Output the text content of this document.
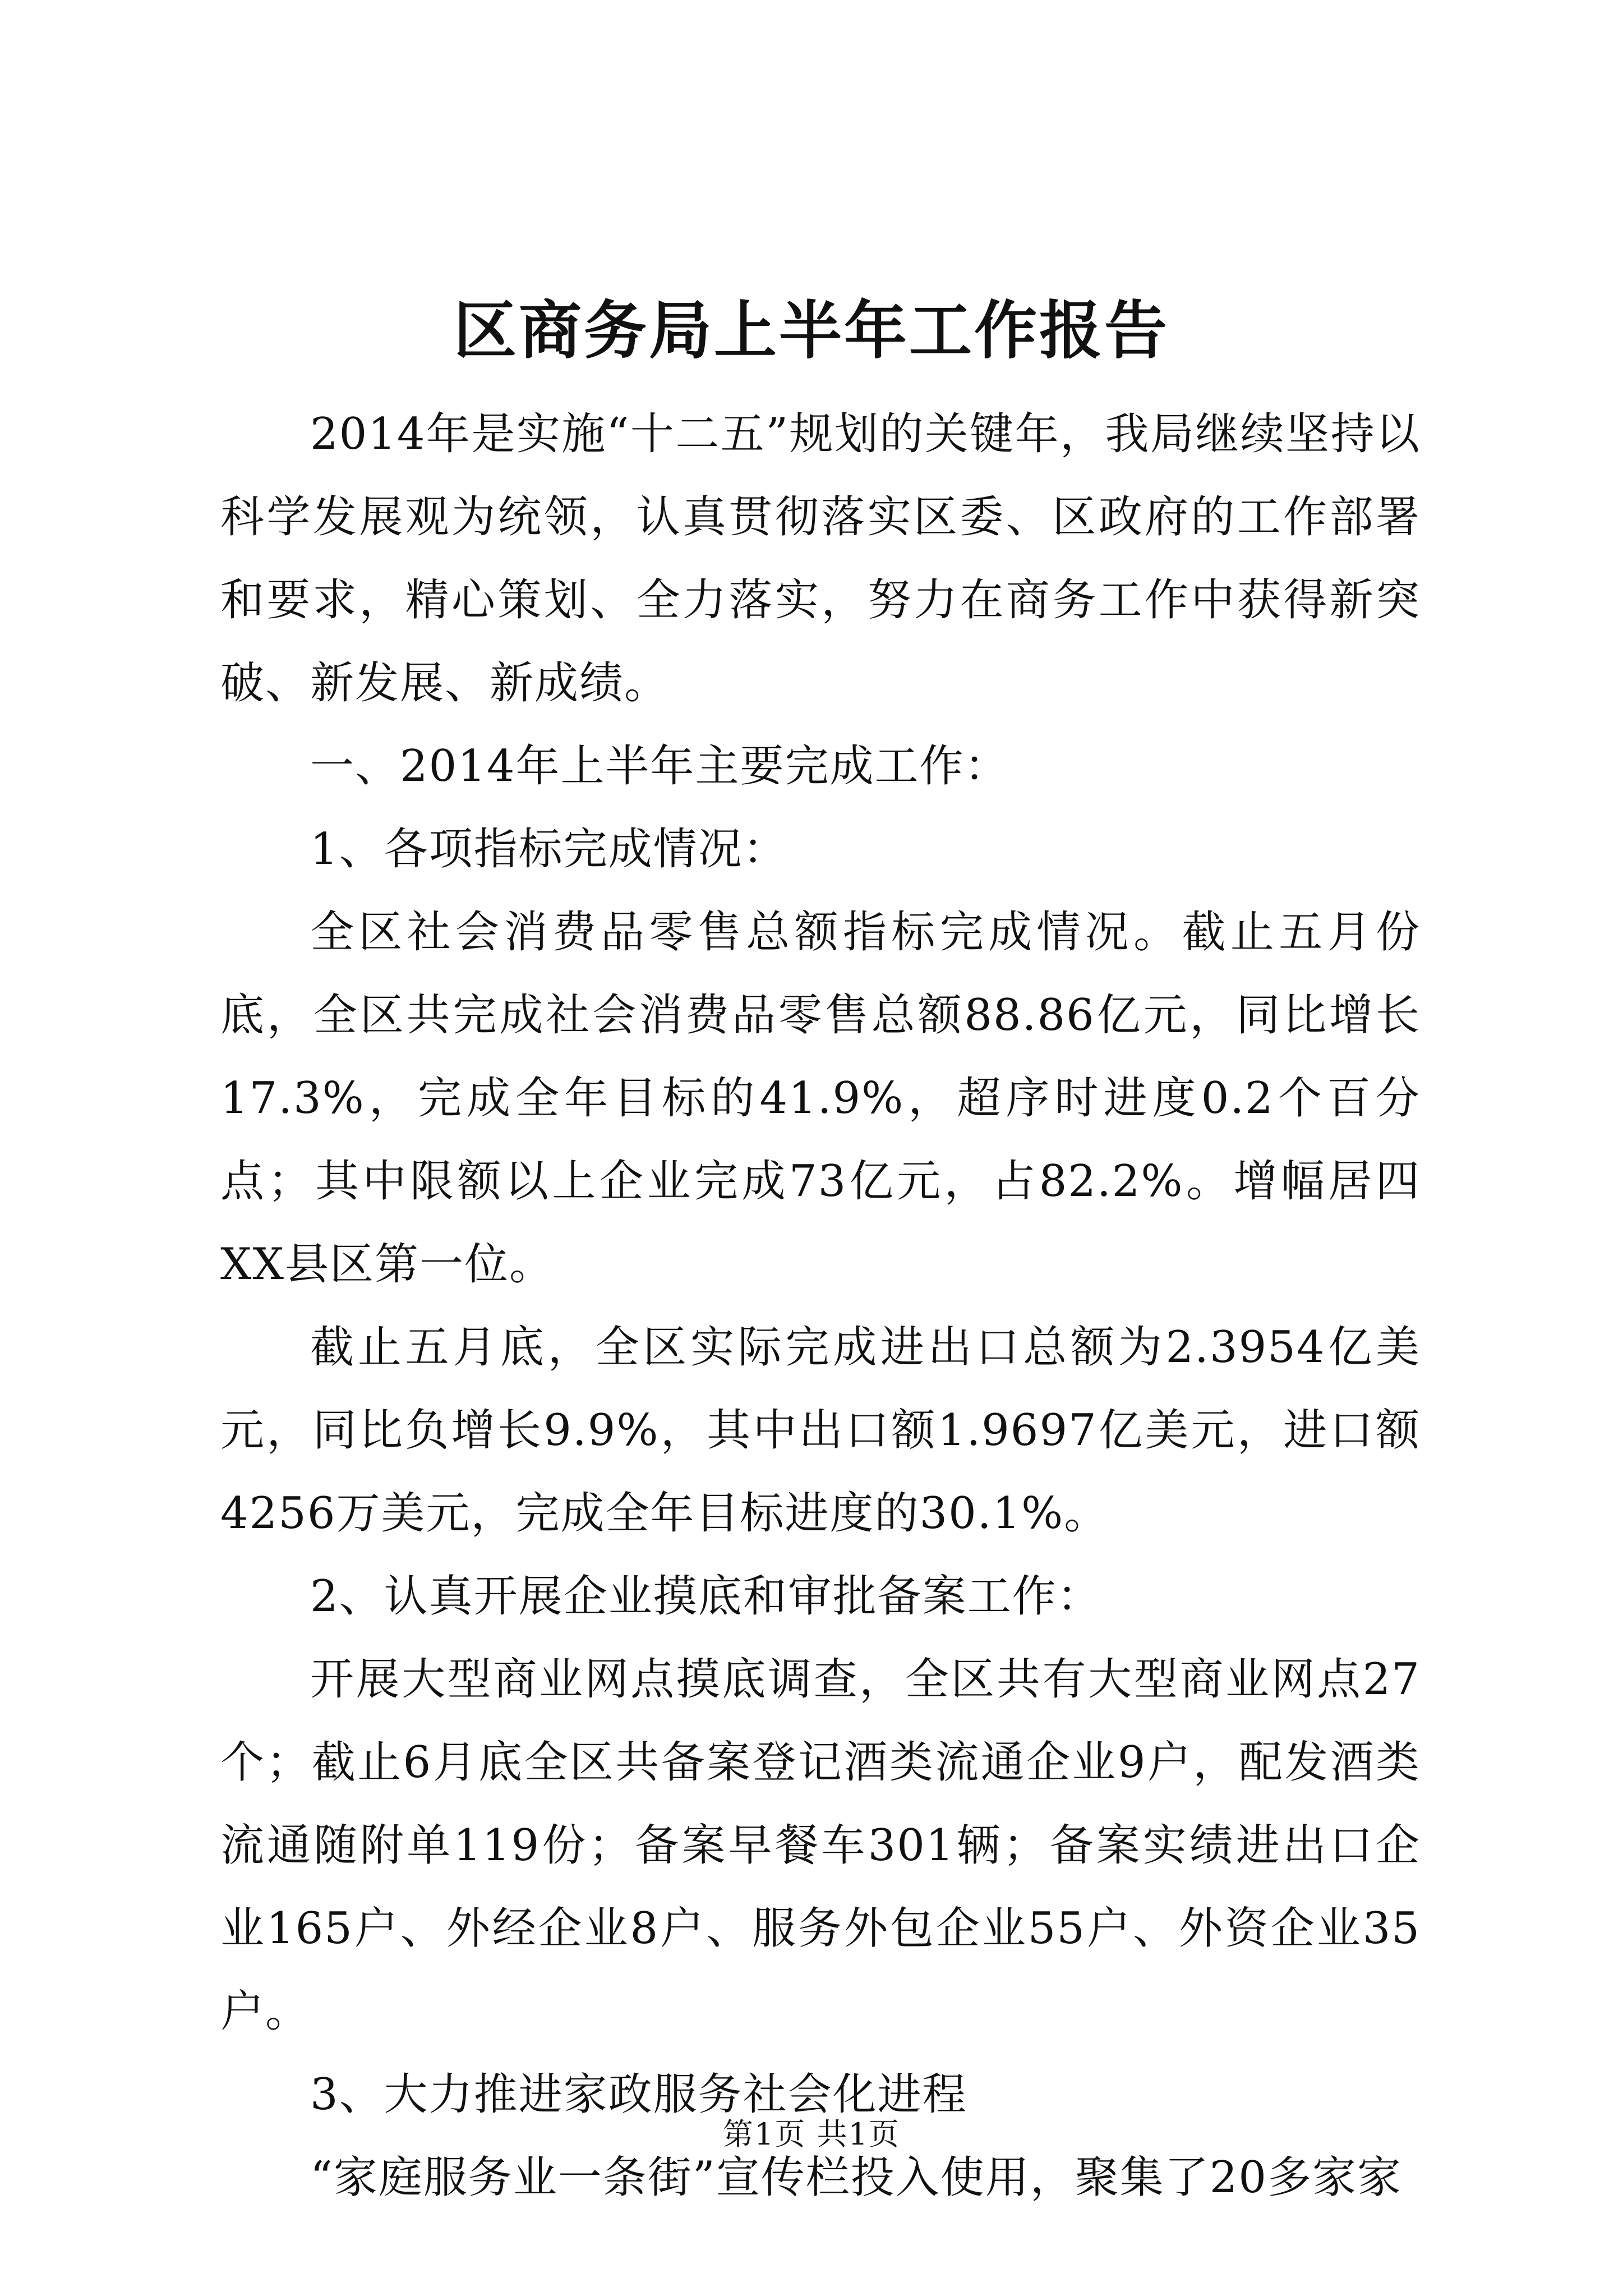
区商务局上半年工作报告

2014年是实施“十二五”规划的关键年，我局继续坚持以科学发展观为统领，认真贯彻落实区委、区政府的工作部署和要求，精心策划、全力落实，努力在商务工作中获得新突破、新发展、新成绩。

一、2014年上半年主要完成工作：

1、各项指标完成情况：

全区社会消费品零售总额指标完成情况。截止五月份底，全区共完成社会消费品零售总额88.86亿元，同比增长17.3%，完成全年目标的41.9%，超序时进度0.2个百分点；其中限额以上企业完成73亿元，占82.2%。增幅居四XX县区第一位。

截止五月底，全区实际完成进出口总额为2.3954亿美元，同比负增长9.9%，其中出口额1.9697亿美元，进口额4256万美元，完成全年目标进度的30.1%。

2、认真开展企业摸底和审批备案工作：

开展大型商业网点摸底调查，全区共有大型商业网点27个；截止6月底全区共备案登记酒类流通企业9户，配发酒类流通随附单119份；备案早餐车301辆；备案实绩进出口企业165户、外经企业8户、服务外包企业55户、外资企业35户。

3、大力推进家政服务社会化进程

“家庭服务业一条街”宣传栏投入使用，聚集了20多家家

第1页 共1页
